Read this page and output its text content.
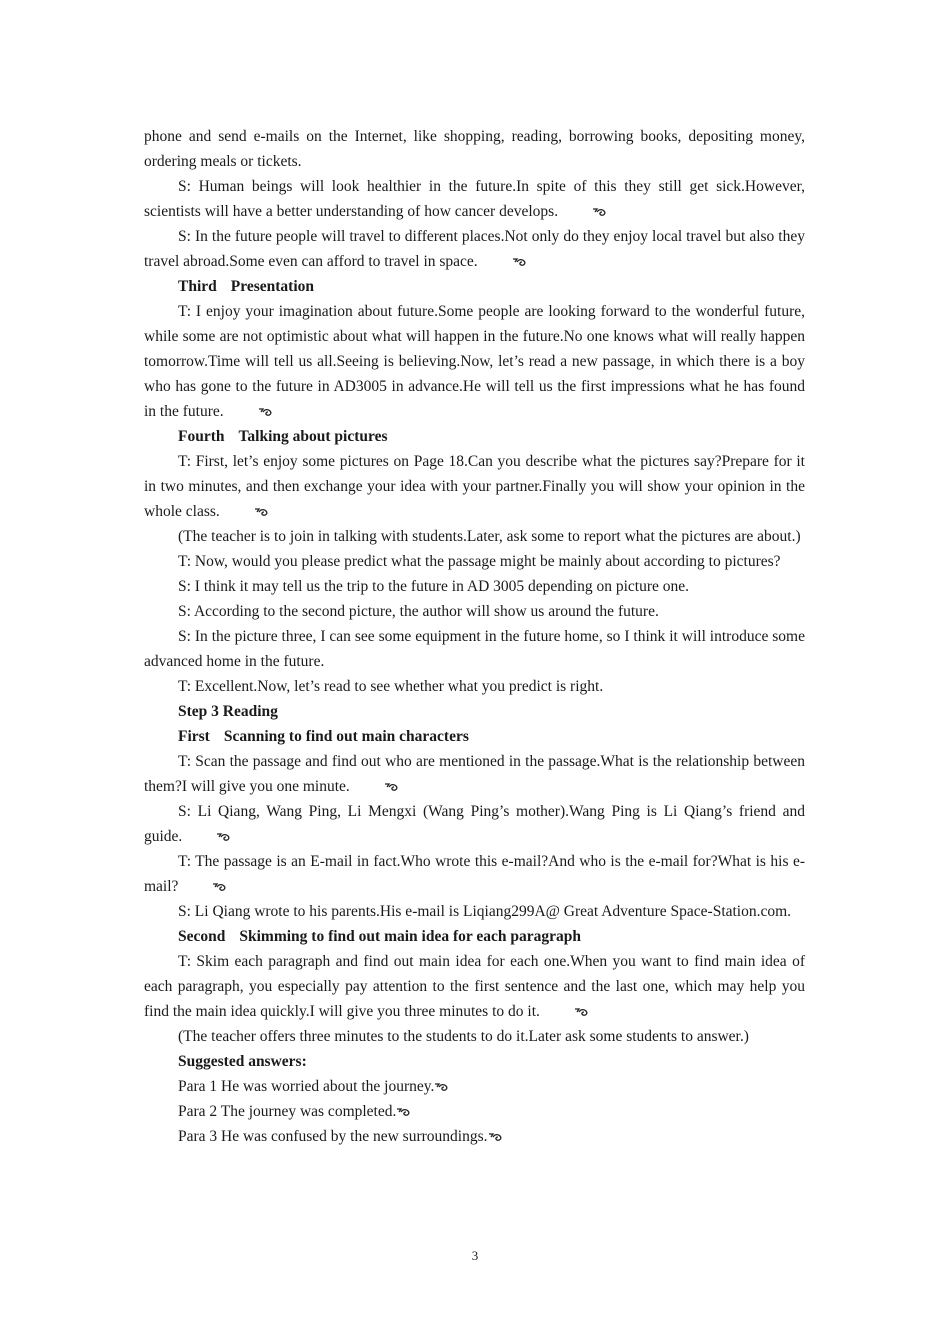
phone and send e-mails on the Internet, like shopping, reading, borrowing books, depositing money, ordering meals or tickets.

S: Human beings will look healthier in the future.In spite of this they still get sick.However, scientists will have a better understanding of how cancer develops.

S: In the future people will travel to different places.Not only do they enjoy local travel but also they travel abroad.Some even can afford to travel in space.

Third Presentation

T: I enjoy your imagination about future.Some people are looking forward to the wonderful future, while some are not optimistic about what will happen in the future.No one knows what will really happen tomorrow.Time will tell us all.Seeing is believing.Now, let’s read a new passage, in which there is a boy who has gone to the future in AD3005 in advance.He will tell us the first impressions what he has found in the future.

Fourth Talking about pictures

T: First, let’s enjoy some pictures on Page 18.Can you describe what the pictures say?Prepare for it in two minutes, and then exchange your idea with your partner.Finally you will show your opinion in the whole class.

(The teacher is to join in talking with students.Later, ask some to report what the pictures are about.)

T: Now, would you please predict what the passage might be mainly about according to pictures?

S: I think it may tell us the trip to the future in AD 3005 depending on picture one.

S: According to the second picture, the author will show us around the future.

S: In the picture three, I can see some equipment in the future home, so I think it will introduce some advanced home in the future.

T: Excellent.Now, let’s read to see whether what you predict is right.

Step 3 Reading

First Scanning to find out main characters

T: Scan the passage and find out who are mentioned in the passage.What is the relationship between them?I will give you one minute.

S: Li Qiang, Wang Ping, Li Mengxi (Wang Ping’s mother).Wang Ping is Li Qiang’s friend and guide.

T: The passage is an E-mail in fact.Who wrote this e-mail?And who is the e-mail for?What is his e-mail?

S: Li Qiang wrote to his parents.His e-mail is Liqiang299A@ Great Adventure Space-Station.com.

Second Skimming to find out main idea for each paragraph

T: Skim each paragraph and find out main idea for each one.When you want to find main idea of each paragraph, you especially pay attention to the first sentence and the last one, which may help you find the main idea quickly.I will give you three minutes to do it.

(The teacher offers three minutes to the students to do it.Later ask some students to answer.)

Suggested answers:

Para 1 He was worried about the journey.

Para 2 The journey was completed.

Para 3 He was confused by the new surroundings.

3
